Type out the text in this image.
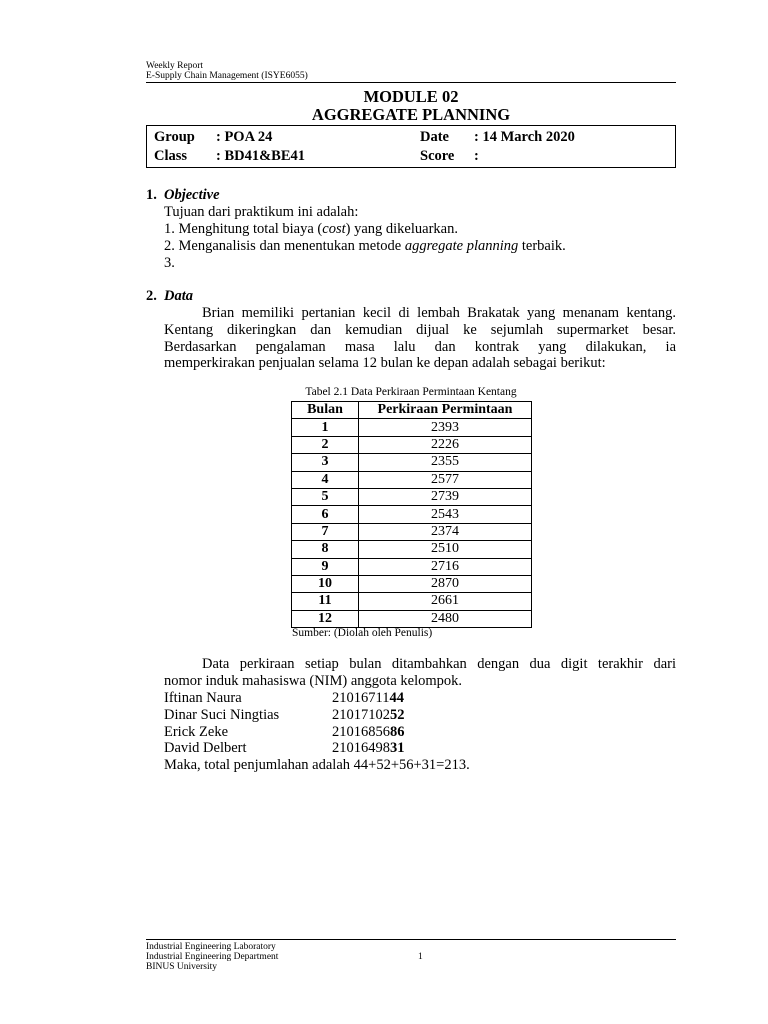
Weekly Report
E-Supply Chain Management (ISYE6055)
MODULE 02
AGGREGATE PLANNING
Group : POA 24	Date : 14 March 2020
Class : BD41&BE41	Score :
1. Objective
Tujuan dari praktikum ini adalah:
1. Menghitung total biaya (cost) yang dikeluarkan.
2. Menganalisis dan menentukan metode aggregate planning terbaik.
3.
2. Data
Brian memiliki pertanian kecil di lembah Brakatak yang menanam kentang.
Kentang dikeringkan dan kemudian dijual ke sejumlah supermarket besar.
Berdasarkan pengalaman masa lalu dan kontrak yang dilakukan, ia
memperkirakan penjualan selama 12 bulan ke depan adalah sebagai berikut:
Tabel 2.1 Data Perkiraan Permintaan Kentang
Bulan	Perkiraan Permintaan
1	2393
2	2226
3	2355
4	2577
5	2739
6	2543
7	2374
8	2510
9	2716
10	2870
11	2661
12	2480
Sumber: (Diolah oleh Penulis)
Data perkiraan setiap bulan ditambahkan dengan dua digit terakhir dari
nomor induk mahasiswa (NIM) anggota kelompok.
Iftinan Naura	2101671144
Dinar Suci Ningtias	2101710252
Erick Zeke	2101685686
David Delbert	2101649831
Maka, total penjumlahan adalah 44+52+56+31=213.
Industrial Engineering Laboratory
Industrial Engineering Department
BINUS University
1
